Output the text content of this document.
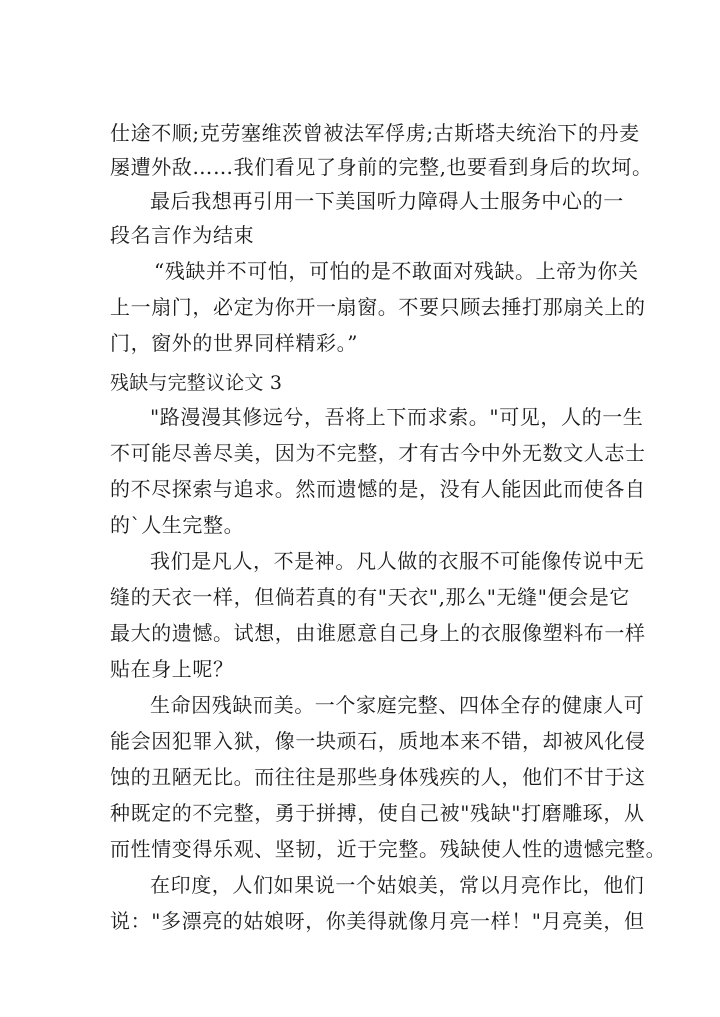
仕途不顺;克劳塞维茨曾被法军俘虏;古斯塔夫统治下的丹麦
屡遭外敌……我们看见了身前的完整,也要看到身后的坎坷。
最后我想再引用一下美国听力障碍人士服务中心的一
段名言作为结束
“残缺并不可怕，可怕的是不敢面对残缺。上帝为你关
上一扇门，必定为你开一扇窗。不要只顾去捶打那扇关上的
门，窗外的世界同样精彩。”
残缺与完整议论文 3
"路漫漫其修远兮，吾将上下而求索。"可见，人的一生
不可能尽善尽美，因为不完整，才有古今中外无数文人志士
的不尽探索与追求。然而遗憾的是，没有人能因此而使各自
的`人生完整。
我们是凡人，不是神。凡人做的衣服不可能像传说中无
缝的天衣一样，但倘若真的有"天衣",那么"无缝"便会是它
最大的遗憾。试想，由谁愿意自己身上的衣服像塑料布一样
贴在身上呢？
生命因残缺而美。一个家庭完整、四体全存的健康人可
能会因犯罪入狱，像一块顽石，质地本来不错，却被风化侵
蚀的丑陋无比。而往往是那些身体残疾的人，他们不甘于这
种既定的不完整，勇于拼搏，使自己被"残缺"打磨雕琢，从
而性情变得乐观、坚韧，近于完整。残缺使人性的遗憾完整。
在印度，人们如果说一个姑娘美，常以月亮作比，他们
说："多漂亮的姑娘呀，你美得就像月亮一样！"月亮美，但
